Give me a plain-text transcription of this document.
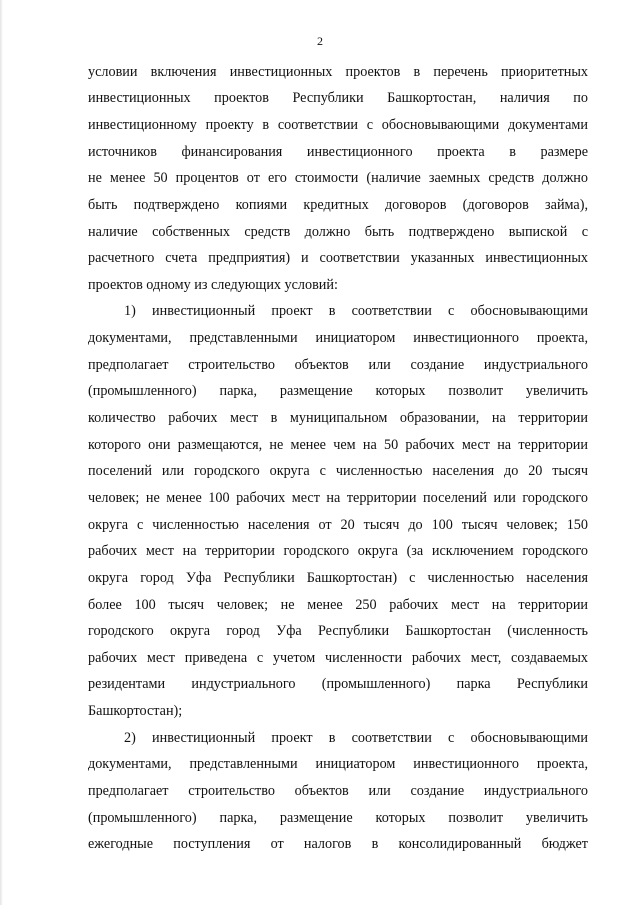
2
условии включения инвестиционных проектов в перечень приоритетных
инвестиционных проектов Республики Башкортостан, наличия по
инвестиционному проекту в соответствии с обосновывающими документами
источников финансирования инвестиционного проекта в размере
не менее 50 процентов от его стоимости (наличие заемных средств должно
быть подтверждено копиями кредитных договоров (договоров займа),
наличие собственных средств должно быть подтверждено выпиской с
расчетного счета предприятия) и соответствии указанных инвестиционных
проектов одному из следующих условий:
1) инвестиционный проект в соответствии с обосновывающими
документами, представленными инициатором инвестиционного проекта,
предполагает строительство объектов или создание индустриального
(промышленного) парка, размещение которых позволит увеличить
количество рабочих мест в муниципальном образовании, на территории
которого они размещаются, не менее чем на 50 рабочих мест на территории
поселений или городского округа с численностью населения до 20 тысяч
человек; не менее 100 рабочих мест на территории поселений или городского
округа с численностью населения от 20 тысяч до 100 тысяч человек; 150
рабочих мест на территории городского округа (за исключением городского
округа город Уфа Республики Башкортостан) с численностью населения
более 100 тысяч человек; не менее 250 рабочих мест на территории
городского округа город Уфа Республики Башкортостан (численность
рабочих мест приведена с учетом численности рабочих мест, создаваемых
резидентами индустриального (промышленного) парка Республики
Башкортостан);
2) инвестиционный проект в соответствии с обосновывающими
документами, представленными инициатором инвестиционного проекта,
предполагает строительство объектов или создание индустриального
(промышленного) парка, размещение которых позволит увеличить
ежегодные поступления от налогов в консолидированный бюджет
